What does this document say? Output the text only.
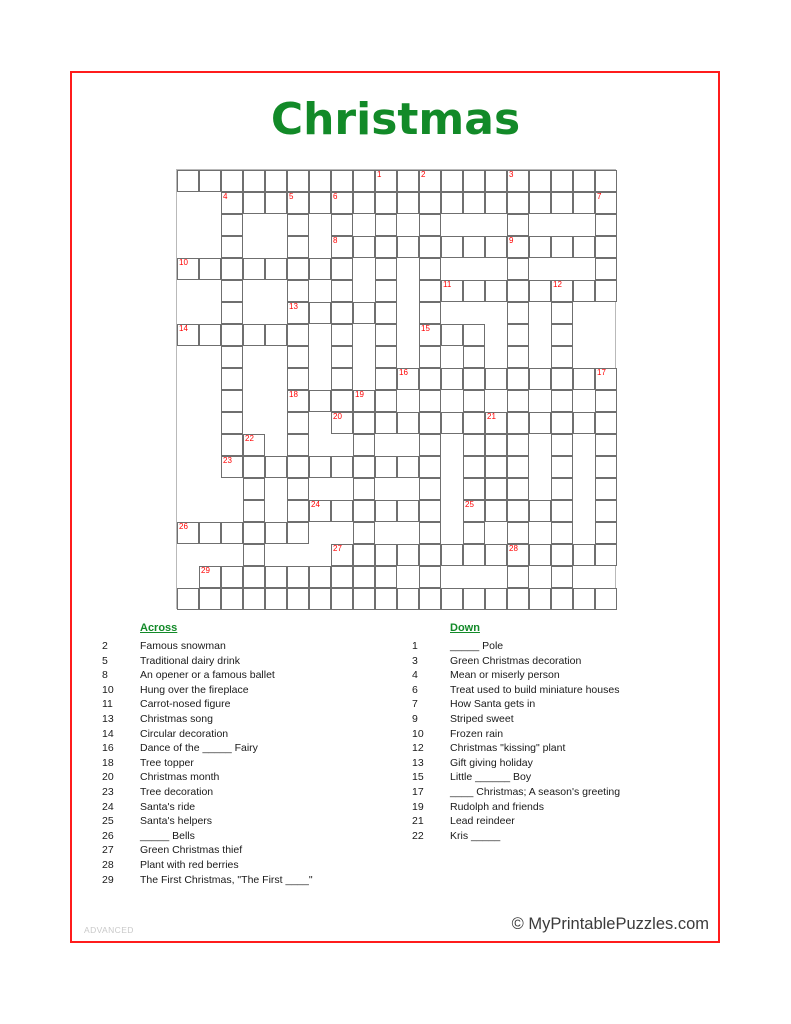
Christmas
1	2	3
4	5	6	7
8	9
10
11	12
13
14	15
16	17
18	19
20	21
22
23
24	25
26
27	28
29
Across
2	Famous snowman
5	Traditional dairy drink
8	An opener or a famous ballet
10	Hung over the fireplace
11	Carrot-nosed figure
13	Christmas song
14	Circular decoration
16	Dance of the _____ Fairy
18	Tree topper
20	Christmas month
23	Tree decoration
24	Santa's ride
25	Santa's helpers
26	_____ Bells
27	Green Christmas thief
28	Plant with red berries
29	The First Christmas, "The First ____"
Down
1	_____ Pole
3	Green Christmas decoration
4	Mean or miserly person
6	Treat used to build miniature houses
7	How Santa gets in
9	Striped sweet
10	Frozen rain
12	Christmas "kissing" plant
13	Gift giving holiday
15	Little ______ Boy
17	____ Christmas; A season's greeting
19	Rudolph and friends
21	Lead reindeer
22	Kris _____
ADVANCED	© MyPrintablePuzzles.com
